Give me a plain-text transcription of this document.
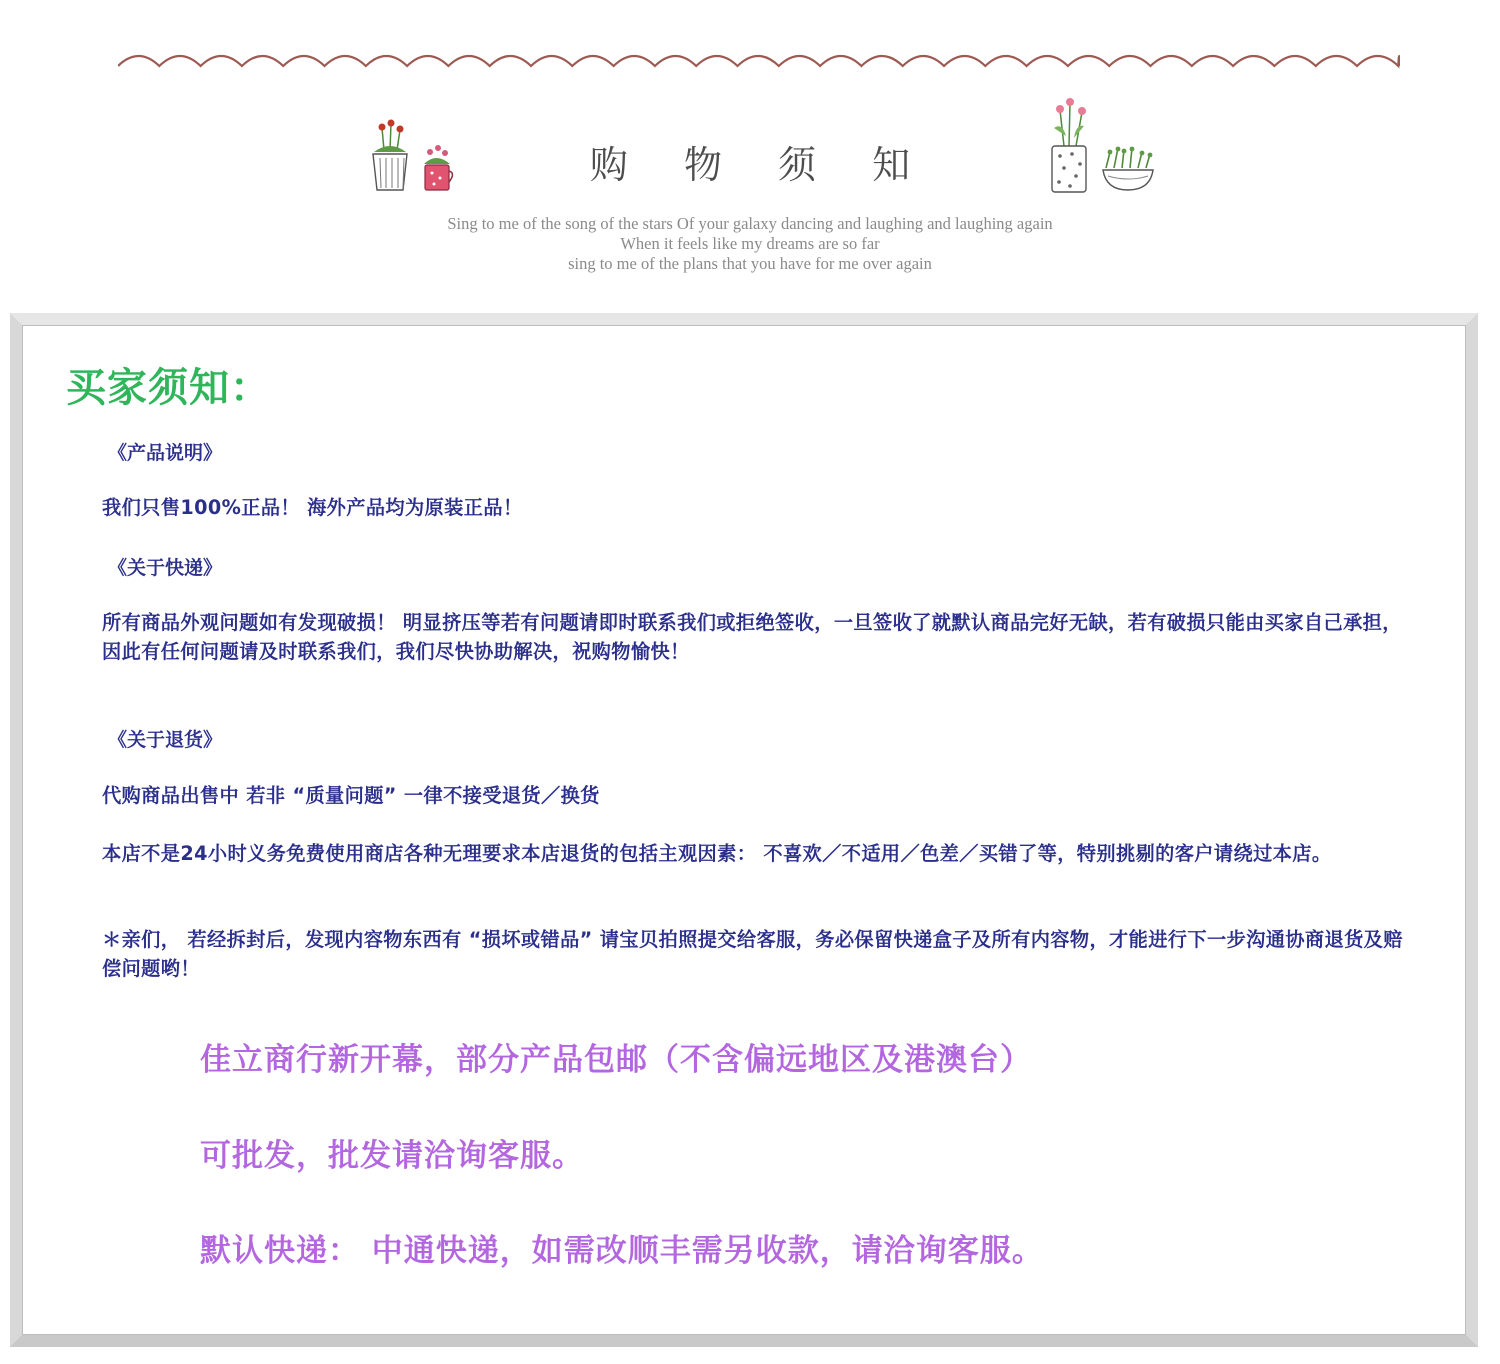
购 物 须 知
Sing to me of the song of the stars Of your galaxy dancing and laughing and laughing again
When it feels like my dreams are so far
sing to me of the plans that you have for me over again
买家须知：
《产品说明》
我们只售100%正品！ 海外产品均为原装正品！
《关于快递》
所有商品外观问题如有发现破损！ 明显挤压等若有问题请即时联系我们或拒绝签收，一旦签收了就默认商品完好无缺，若有破损只能由买家自己承担，因此有任何问题请及时联系我们，我们尽快协助解决，祝购物愉快！
《关于退货》
代购商品出售中 若非 “质量问题” 一律不接受退货／换货
本店不是24小时义务免费使用商店各种无理要求本店退货的包括主观因素： 不喜欢／不适用／色差／买错了等，特别挑剔的客户请绕过本店。
＊亲们， 若经拆封后，发现内容物东西有 “损坏或错品” 请宝贝拍照提交给客服，务必保留快递盒子及所有内容物，才能进行下一步沟通协商退货及赔偿问题哟！
佳立商行新开幕，部分产品包邮（不含偏远地区及港澳台）
可批发，批发请洽询客服。
默认快递： 中通快递，如需改顺丰需另收款，请洽询客服。
